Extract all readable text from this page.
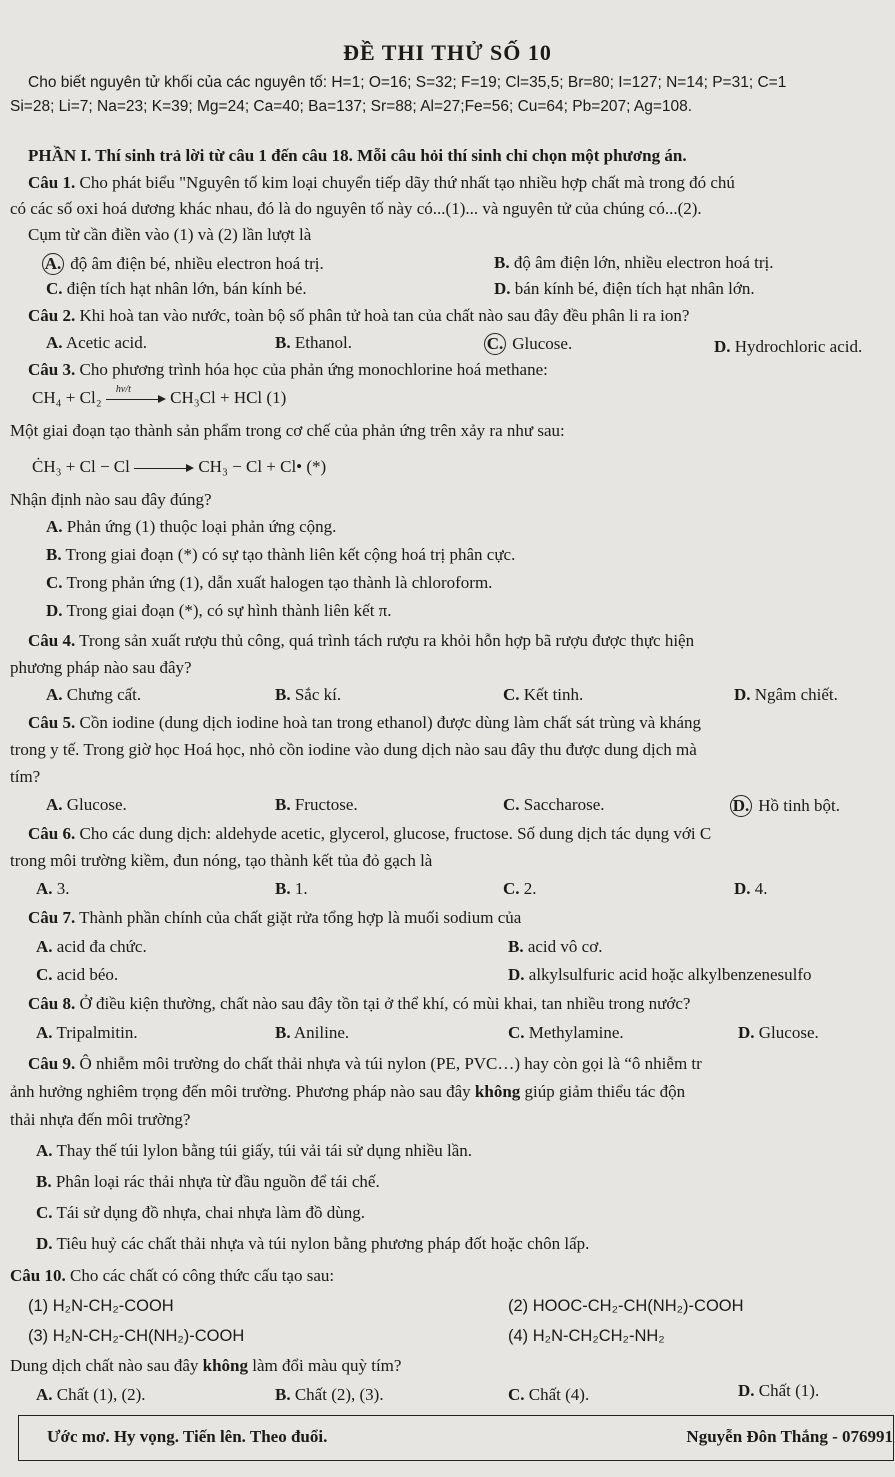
ĐỀ THI THỬ SỐ 10
Cho biết nguyên tử khối của các nguyên tố: H=1; O=16; S=32; F=19; Cl=35,5; Br=80; I=127; N=14; P=31; C=1
Si=28; Li=7; Na=23; K=39; Mg=24; Ca=40; Ba=137; Sr=88; Al=27;Fe=56; Cu=64; Pb=207; Ag=108.
PHẦN I. Thí sinh trả lời từ câu 1 đến câu 18. Mỗi câu hỏi thí sinh chỉ chọn một phương án.
Câu 1. Cho phát biểu "Nguyên tố kim loại chuyển tiếp dãy thứ nhất tạo nhiều hợp chất mà trong đó chú
có các số oxi hoá dương khác nhau, đó là do nguyên tố này có...(1)... và nguyên tử của chúng có...(2).
Cụm từ cần điền vào (1) và (2) lần lượt là
A. độ âm điện bé, nhiều electron hoá trị.	B. độ âm điện lớn, nhiều electron hoá trị.
C. điện tích hạt nhân lớn, bán kính bé.	D. bán kính bé, điện tích hạt nhân lớn.
Câu 2. Khi hoà tan vào nước, toàn bộ số phân tử hoà tan của chất nào sau đây đều phân li ra ion?
A. Acetic acid.	B. Ethanol.	C. Glucose.	D. Hydrochloric acid.
Câu 3. Cho phương trình hóa học của phản ứng monochlorine hoá methane:
CH₄ + Cl₂ hν/t CH₃Cl + HCl (1)
Một giai đoạn tạo thành sản phẩm trong cơ chế của phản ứng trên xảy ra như sau:
ĊH₃ + Cl − Cl	CH₃ − Cl + Cl• (*)
Nhận định nào sau đây đúng?
A. Phản ứng (1) thuộc loại phản ứng cộng.
B. Trong giai đoạn (*) có sự tạo thành liên kết cộng hoá trị phân cực.
C. Trong phản ứng (1), dẫn xuất halogen tạo thành là chloroform.
D. Trong giai đoạn (*), có sự hình thành liên kết π.
Câu 4. Trong sản xuất rượu thủ công, quá trình tách rượu ra khỏi hỗn hợp bã rượu được thực hiện
phương pháp nào sau đây?
A. Chưng cất.	B. Sắc kí.	C. Kết tinh.	D. Ngâm chiết.
Câu 5. Cồn iodine (dung dịch iodine hoà tan trong ethanol) được dùng làm chất sát trùng và kháng
trong y tế. Trong giờ học Hoá học, nhỏ cồn iodine vào dung dịch nào sau đây thu được dung dịch mà
tím?
A. Glucose.	B. Fructose.	C. Saccharose.	D. Hồ tinh bột.
Câu 6. Cho các dung dịch: aldehyde acetic, glycerol, glucose, fructose. Số dung dịch tác dụng với C
trong môi trường kiềm, đun nóng, tạo thành kết tủa đỏ gạch là
A. 3.	B. 1.	C. 2.	D. 4.
Câu 7. Thành phần chính của chất giặt rửa tổng hợp là muối sodium của
A. acid đa chức.	B. acid vô cơ.
C. acid béo.	D. alkylsulfuric acid hoặc alkylbenzenesulfo
Câu 8. Ở điều kiện thường, chất nào sau đây tồn tại ở thể khí, có mùi khai, tan nhiều trong nước?
A. Tripalmitin.	B. Aniline.	C. Methylamine.	D. Glucose.
Câu 9. Ô nhiễm môi trường do chất thải nhựa và túi nylon (PE, PVC…) hay còn gọi là “ô nhiễm tr
ảnh hưởng nghiêm trọng đến môi trường. Phương pháp nào sau đây không giúp giảm thiểu tác độn
thải nhựa đến môi trường?
A. Thay thế túi lylon bằng túi giấy, túi vải tái sử dụng nhiều lần.
B. Phân loại rác thải nhựa từ đầu nguồn để tái chế.
C. Tái sử dụng đồ nhựa, chai nhựa làm đồ dùng.
D. Tiêu huỷ các chất thải nhựa và túi nylon bằng phương pháp đốt hoặc chôn lấp.
Câu 10. Cho các chất có công thức cấu tạo sau:
(1) H₂N-CH₂-COOH	(2) HOOC-CH₂-CH(NH₂)-COOH
(3) H₂N-CH₂-CH(NH₂)-COOH	(4) H₂N-CH₂CH₂-NH₂
Dung dịch chất nào sau đây không làm đổi màu quỳ tím?
A. Chất (1), (2).	B. Chất (2), (3).	C. Chất (4).	D. Chất (1).
Ước mơ. Hy vọng. Tiến lên. Theo đuổi.	Nguyễn Đôn Thắng - 076991
